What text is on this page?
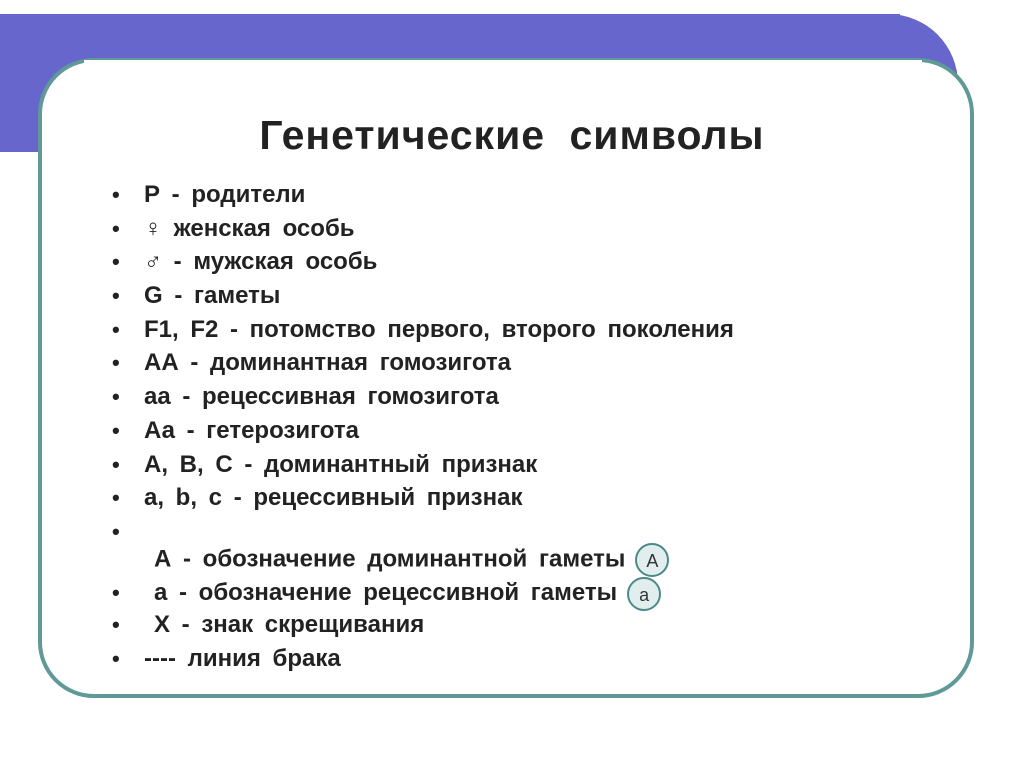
Генетические символы
• Р - родители
• ♀ женская особь
• ♂ - мужская особь
• G - гаметы
• F1, F2 - потомство первого, второго поколения
• АА - доминантная гомозигота
• аа - рецессивная гомозигота
• Аа - гетерозигота
• А, В, С - доминантный признак
• а, b, с - рецессивный признак
•
А - обозначение доминантной гаметы А
• а - обозначение рецессивной гаметы а
• Х - знак скрещивания
• ---- линия брака
